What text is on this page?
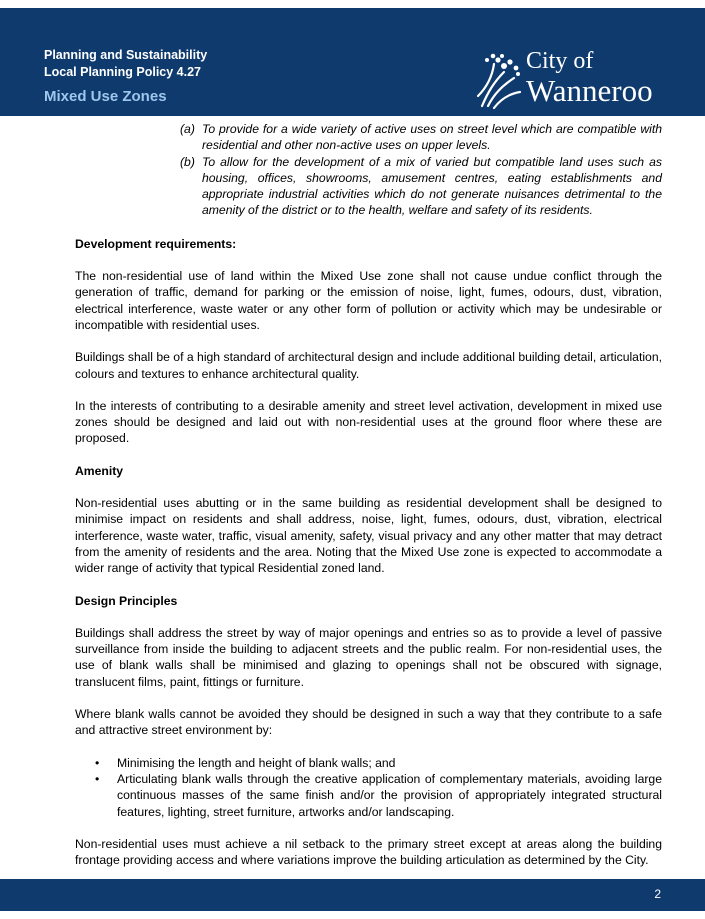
Planning and Sustainability
Local Planning Policy 4.27
Mixed Use Zones
City of
Wanneroo
(a) To provide for a wide variety of active uses on street level which are compatible with residential and other non-active uses on upper levels.
(b) To allow for the development of a mix of varied but compatible land uses such as housing, offices, showrooms, amusement centres, eating establishments and appropriate industrial activities which do not generate nuisances detrimental to the amenity of the district or to the health, welfare and safety of its residents.
Development requirements:

The non-residential use of land within the Mixed Use zone shall not cause undue conflict through the generation of traffic, demand for parking or the emission of noise, light, fumes, odours, dust, vibration, electrical interference, waste water or any other form of pollution or activity which may be undesirable or incompatible with residential uses.

Buildings shall be of a high standard of architectural design and include additional building detail, articulation, colours and textures to enhance architectural quality.

In the interests of contributing to a desirable amenity and street level activation, development in mixed use zones should be designed and laid out with non-residential uses at the ground floor where these are proposed.

Amenity

Non-residential uses abutting or in the same building as residential development shall be designed to minimise impact on residents and shall address, noise, light, fumes, odours, dust, vibration, electrical interference, waste water, traffic, visual amenity, safety, visual privacy and any other matter that may detract from the amenity of residents and the area. Noting that the Mixed Use zone is expected to accommodate a wider range of activity that typical Residential zoned land.

Design Principles

Buildings shall address the street by way of major openings and entries so as to provide a level of passive surveillance from inside the building to adjacent streets and the public realm. For non-residential uses, the use of blank walls shall be minimised and glazing to openings shall not be obscured with signage, translucent films, paint, fittings or furniture.

Where blank walls cannot be avoided they should be designed in such a way that they contribute to a safe and attractive street environment by:

• Minimising the length and height of blank walls; and
• Articulating blank walls through the creative application of complementary materials, avoiding large continuous masses of the same finish and/or the provision of appropriately integrated structural features, lighting, street furniture, artworks and/or landscaping.

Non-residential uses must achieve a nil setback to the primary street except at areas along the building frontage providing access and where variations improve the building articulation as determined by the City.

2
